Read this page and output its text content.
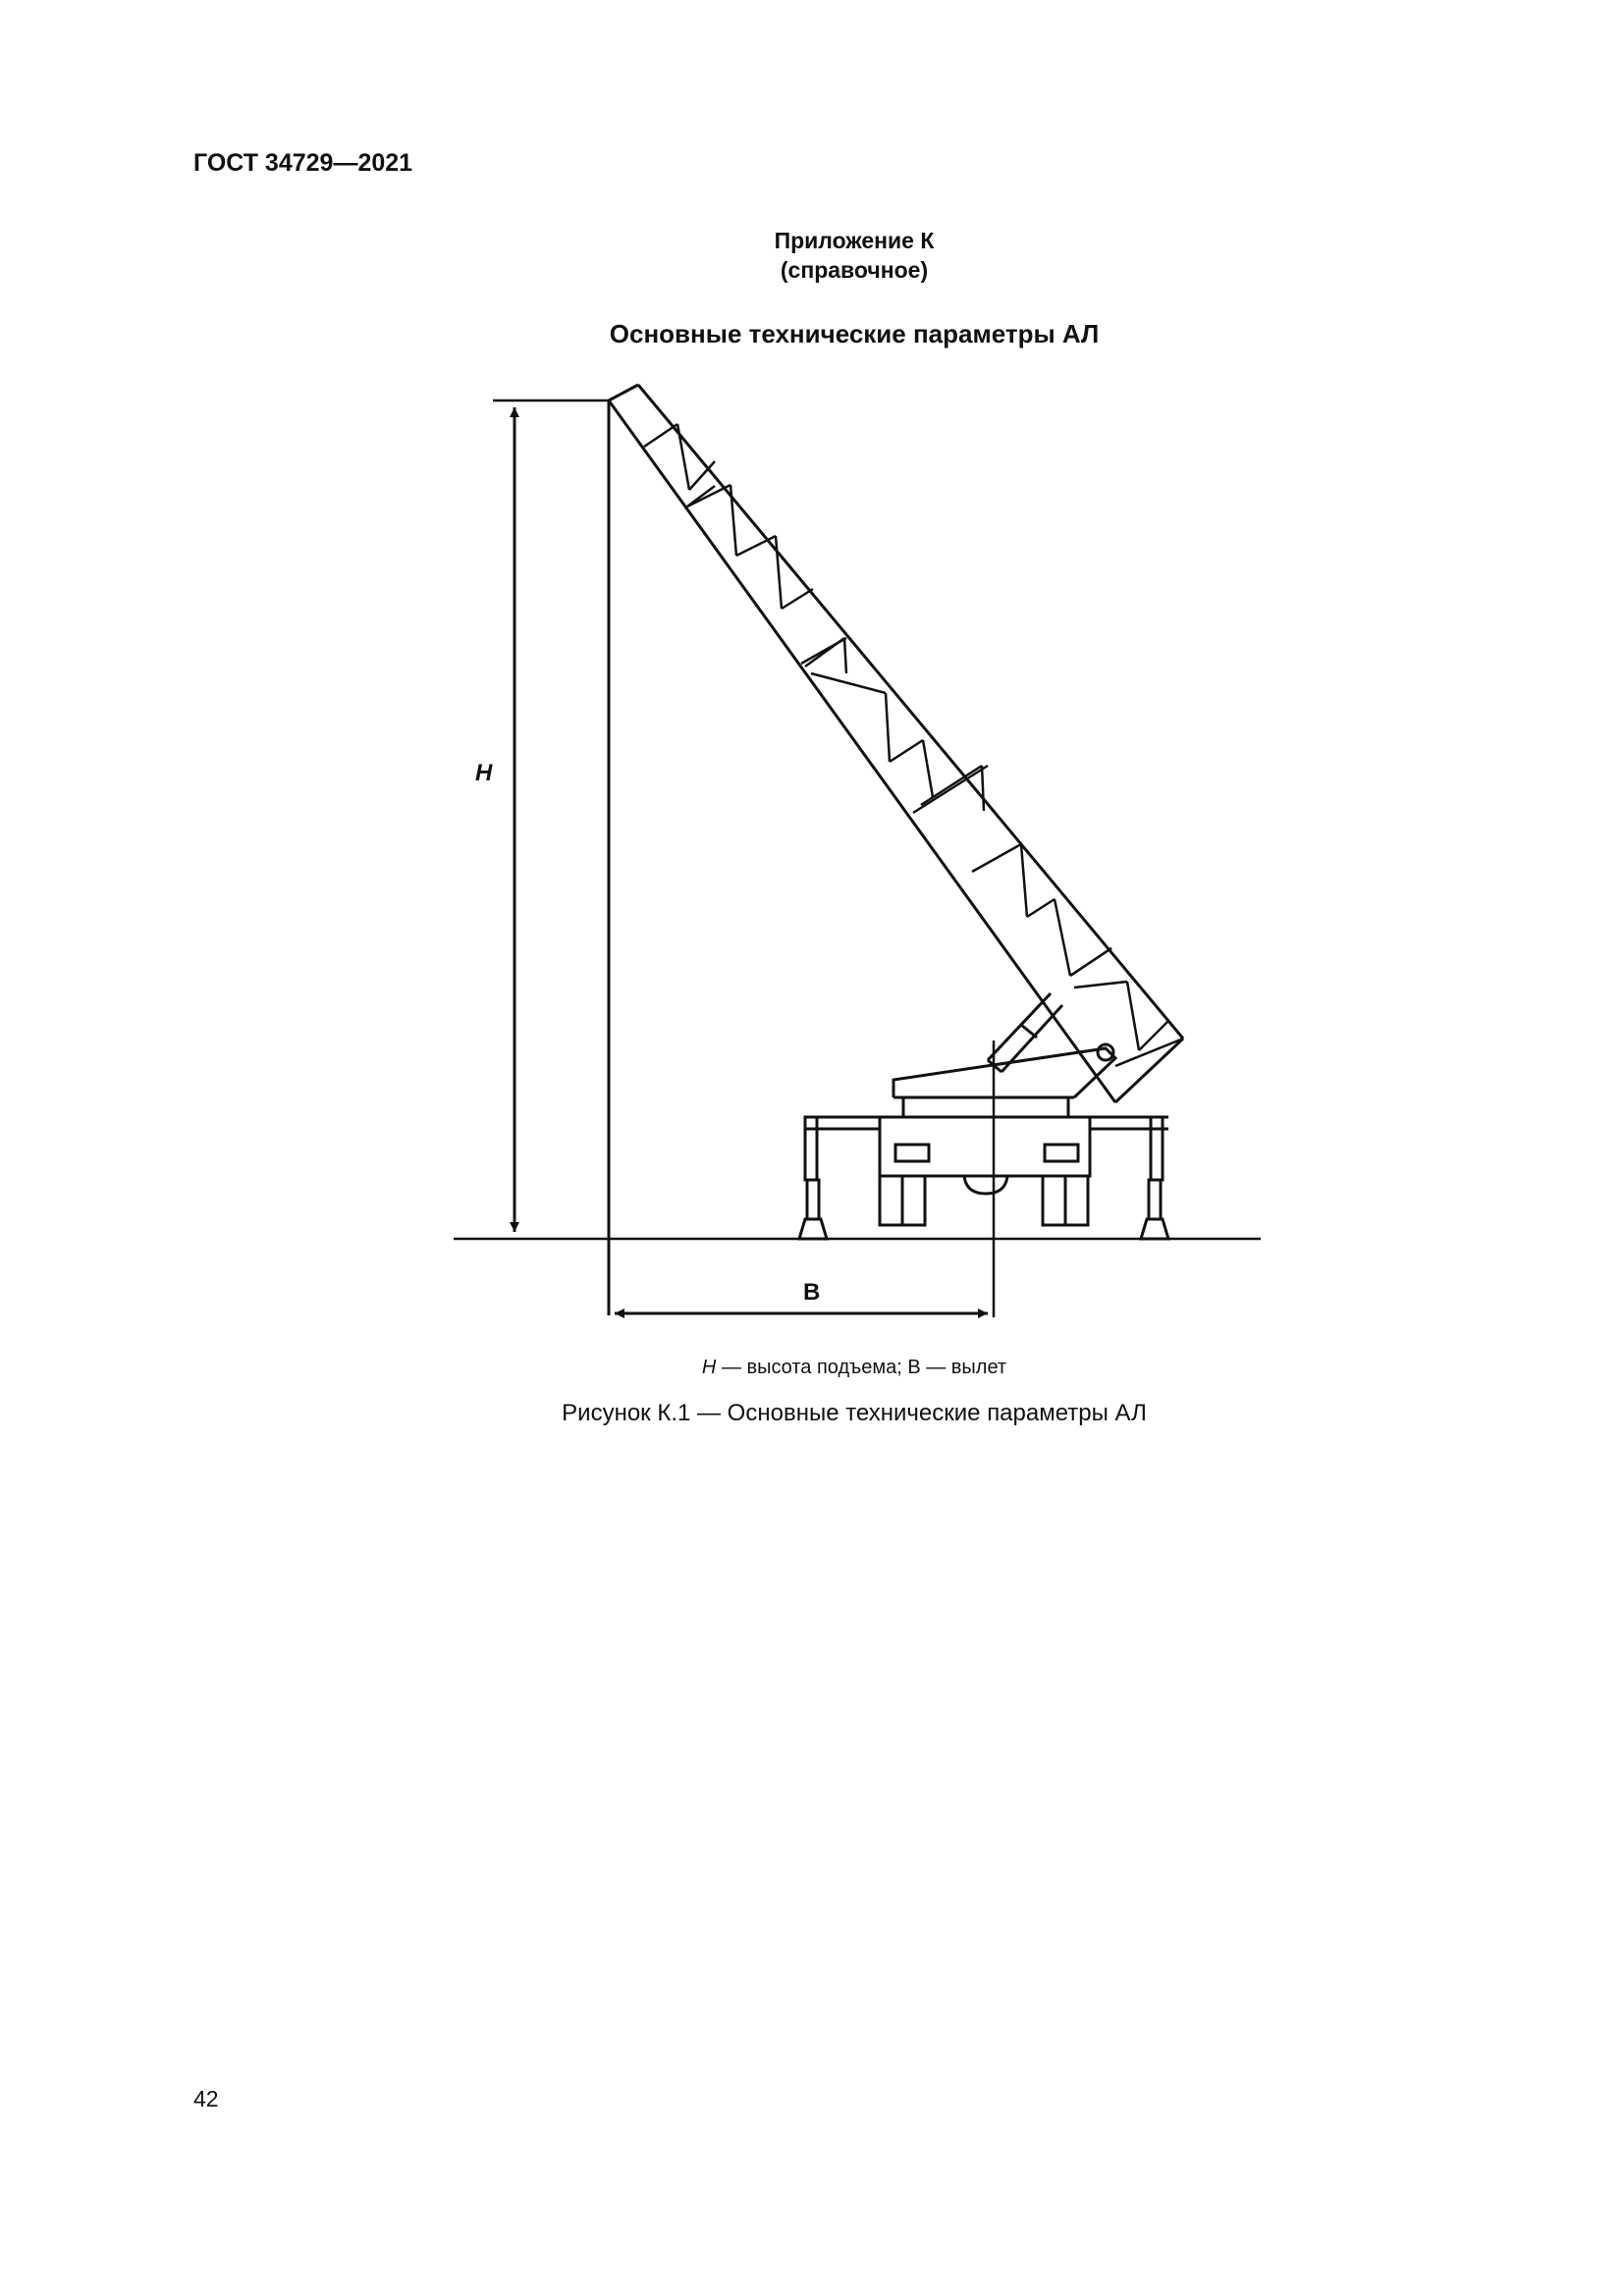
ГОСТ 34729—2021
Приложение К
(справочное)
Основные технические параметры АЛ
H
B
H — высота подъема; B — вылет
Рисунок К.1 — Основные технические параметры АЛ
42
